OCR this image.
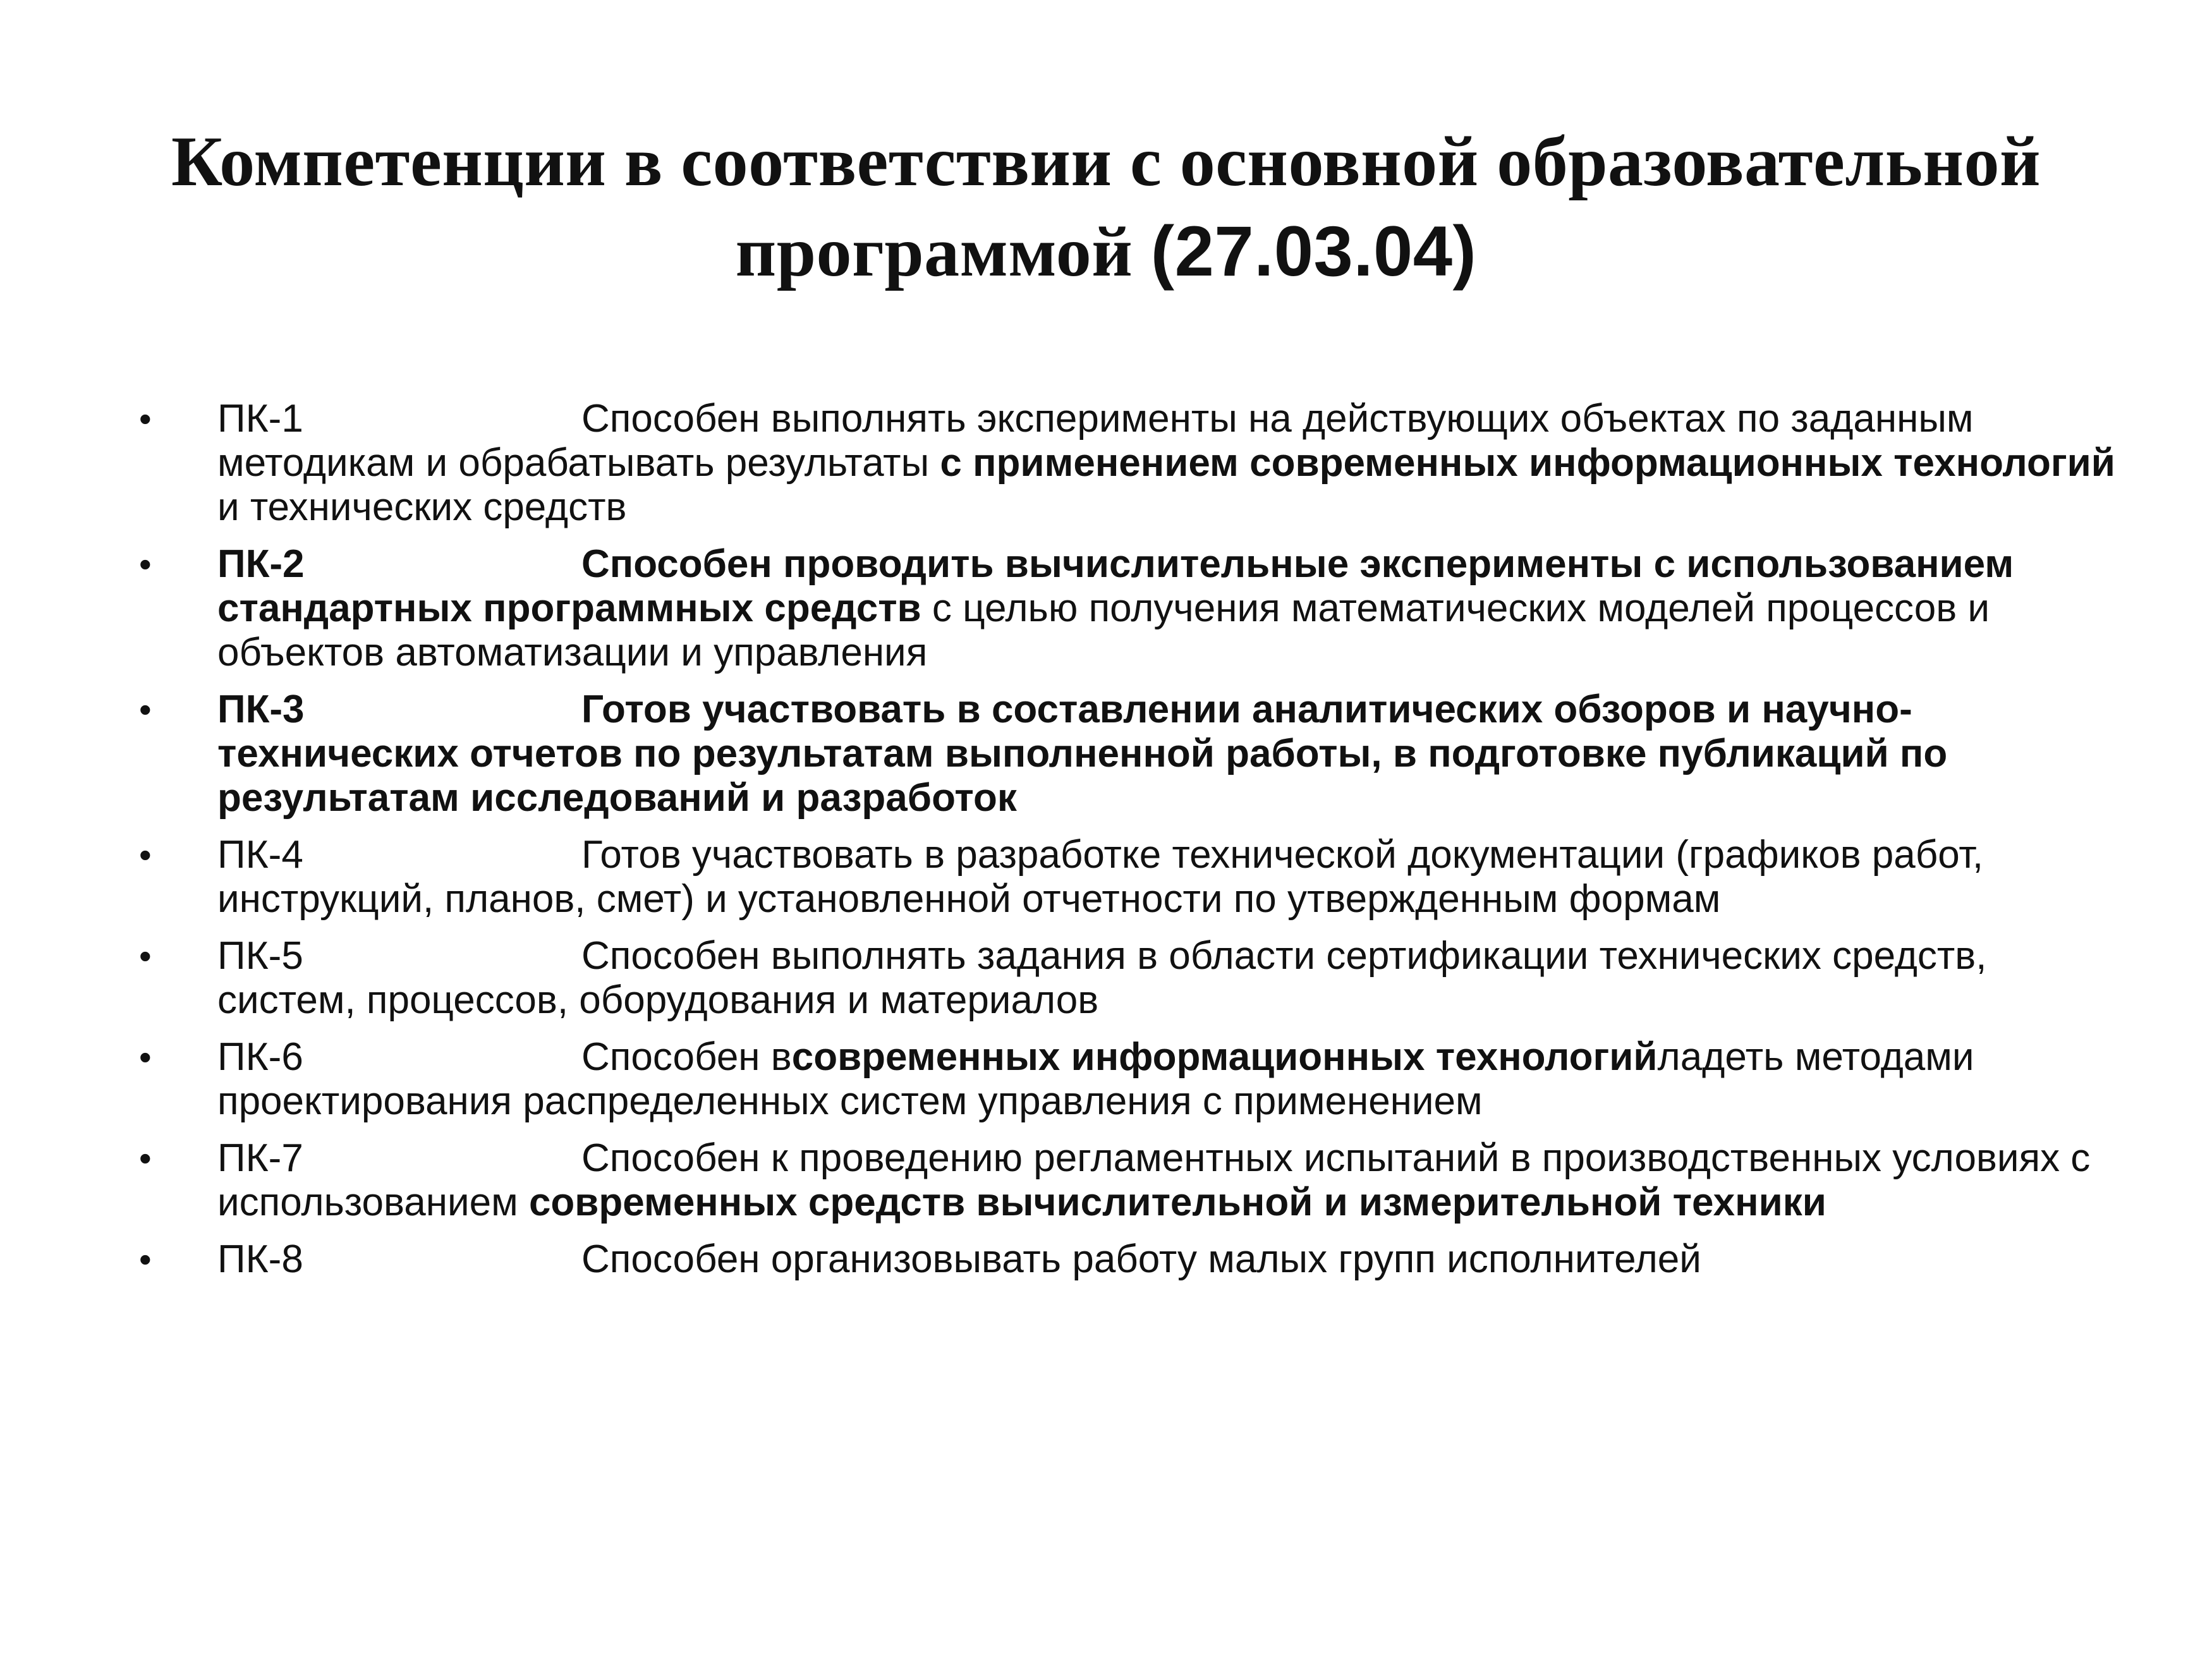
Компетенции в соответствии с основной образовательной
программой (27.03.04)
•	ПК-1	Способен выполнять эксперименты на действующих объектах по заданным методикам и обрабатывать результаты с применением современных информационных технологий и технических средств
•	ПК-2	Способен проводить вычислительные эксперименты с использованием стандартных программных средств с целью получения математических моделей процессов и объектов автоматизации и управления
•	ПК-3	Готов участвовать в составлении аналитических обзоров и научно-технических отчетов по результатам выполненной работы, в подготовке публикаций по результатам исследований и разработок
•	ПК-4	Готов участвовать в разработке технической документации (графиков работ, инструкций, планов, смет) и установленной отчетности по утвержденным формам
•	ПК-5	Способен выполнять задания в области сертификации технических средств, систем, процессов, оборудования и материалов
•	ПК-6	Способен всовременных информационных технологийладеть методами проектирования распределенных систем управления с применением
•	ПК-7	Способен к проведению регламентных испытаний в производственных условиях с использованием современных средств вычислительной и измерительной техники
•	ПК-8	Способен организовывать работу малых групп исполнителей
